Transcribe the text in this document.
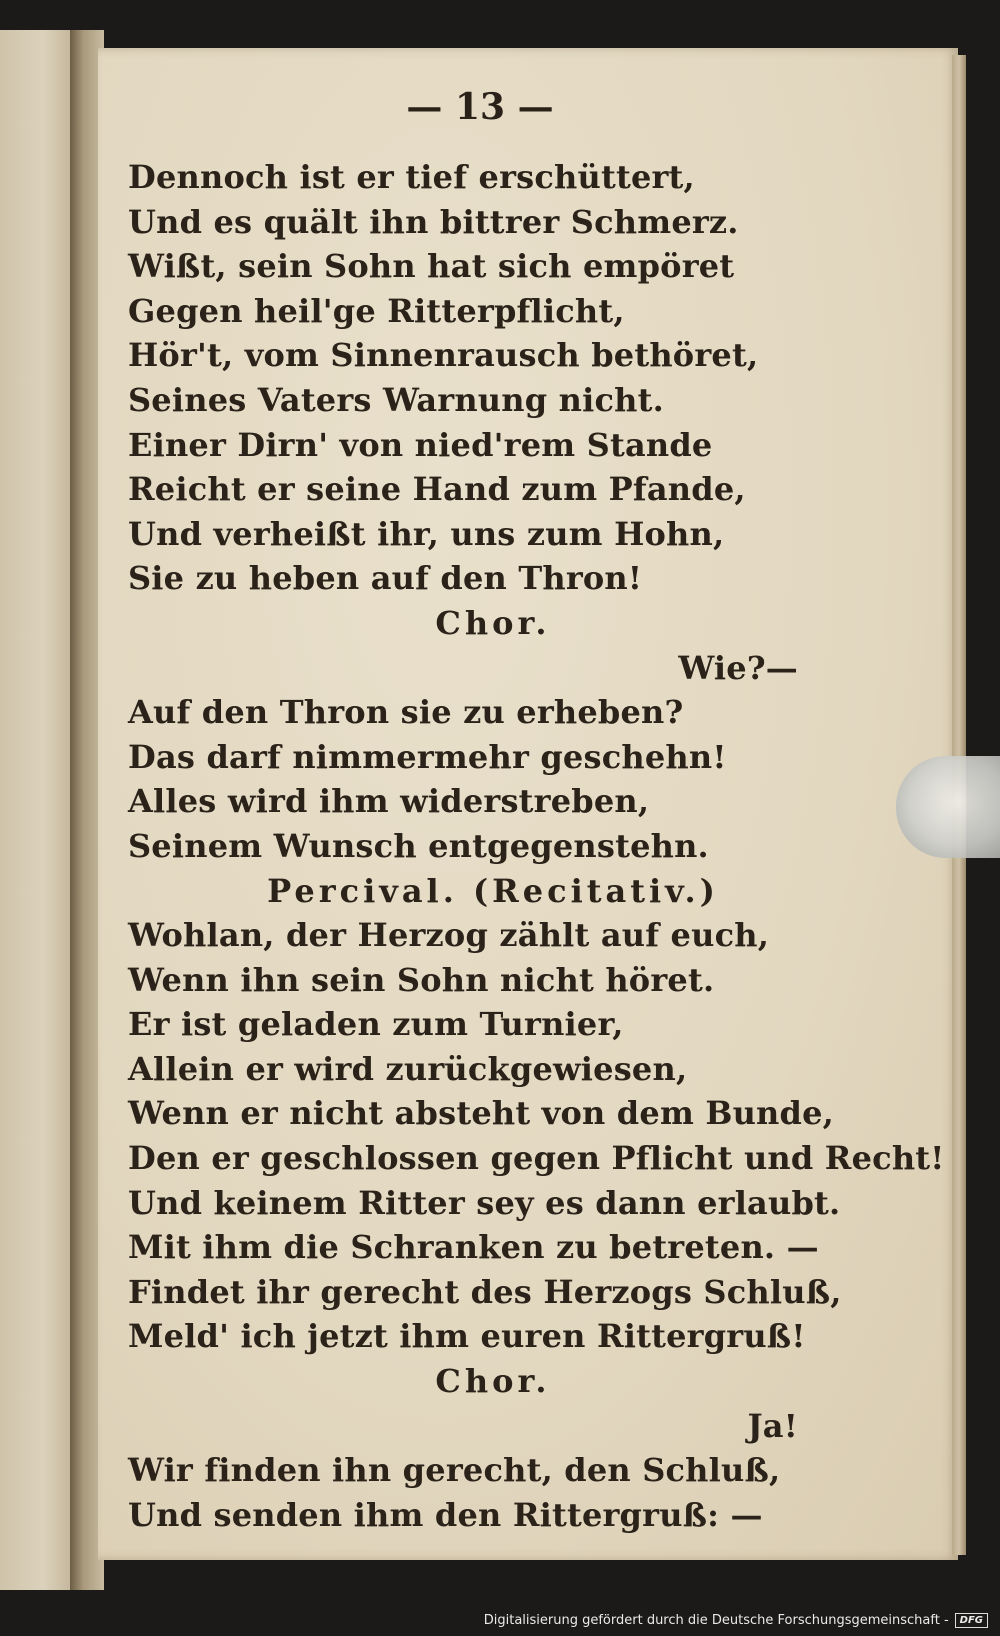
— 13 —
Dennoch ist er tief erschüttert,
Und es quält ihn bittrer Schmerz.
Wißt, sein Sohn hat sich empöret
Gegen heil'ge Ritterpflicht,
Hör't, vom Sinnenrausch bethöret,
Seines Vaters Warnung nicht.
Einer Dirn' von nied'rem Stande
Reicht er seine Hand zum Pfande,
Und verheißt ihr, uns zum Hohn,
Sie zu heben auf den Thron!
Chor.
Wie?—
Auf den Thron sie zu erheben?
Das darf nimmermehr geschehn!
Alles wird ihm widerstreben,
Seinem Wunsch entgegenstehn.
Percival. (Recitativ.)
Wohlan, der Herzog zählt auf euch,
Wenn ihn sein Sohn nicht höret.
Er ist geladen zum Turnier,
Allein er wird zurückgewiesen,
Wenn er nicht absteht von dem Bunde,
Den er geschlossen gegen Pflicht und Recht!
Und keinem Ritter sey es dann erlaubt.
Mit ihm die Schranken zu betreten. —
Findet ihr gerecht des Herzogs Schluß,
Meld' ich jetzt ihm euren Rittergruß!
Chor.
Ja!
Wir finden ihn gerecht, den Schluß,
Und senden ihm den Rittergruß: —
Digitalisierung gefördert durch die Deutsche Forschungsgemeinschaft -	DFG
